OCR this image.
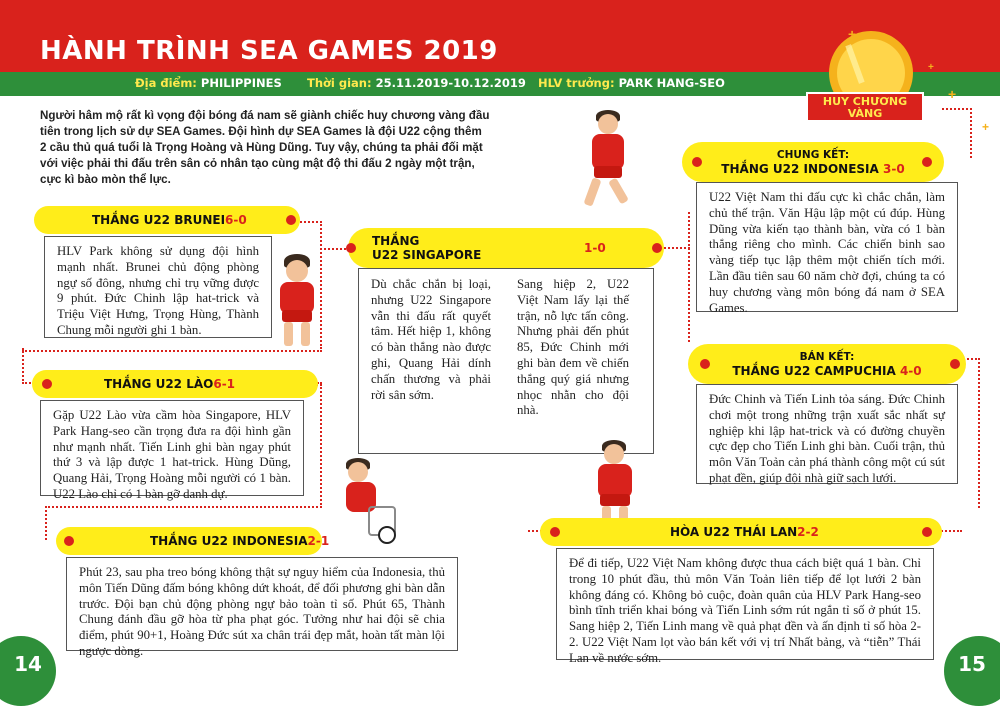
HÀNH TRÌNH SEA GAMES 2019
Địa điểm: PHILIPPINES Thời gian: 25.11.2019-10.12.2019 HLV trưởng: PARK HANG-SEO
+
+
+
+
HUY CHƯƠNG
VÀNG
Người hâm mộ rất kì vọng đội bóng đá nam sẽ giành chiếc huy chương vàng đầu tiên trong lịch sử dự SEA Games. Đội hình dự SEA Games là đội U22 cộng thêm 2 cầu thủ quá tuổi là Trọng Hoàng và Hùng Dũng. Tuy vậy, chúng ta phải đối mặt với việc phải thi đấu trên sân cỏ nhân tạo cùng mật độ thi đấu 2 ngày một trận, cực kì bào mòn thể lực.
THẮNG U22 BRUNEI 6-0
HLV Park không sử dụng đội hình mạnh nhất. Brunei chủ động phòng ngự số đông, nhưng chỉ trụ vững được 9 phút. Đức Chinh lập hat-trick và Triệu Việt Hưng, Trọng Hùng, Thành Chung mỗi người ghi 1 bàn.
THẮNG U22 LÀO 6-1
Gặp U22 Lào vừa cầm hòa Singapore, HLV Park Hang-seo cần trọng đưa ra đội hình gần như mạnh nhất. Tiến Linh ghi bàn ngay phút thứ 3 và lập được 1 hat-trick. Hùng Dũng, Quang Hải, Trọng Hoàng mỗi người có 1 bàn. U22 Lào chỉ có 1 bàn gỡ danh dự.
THẮNG U22 INDONESIA 2-1
Phút 23, sau pha treo bóng không thật sự nguy hiểm của Indonesia, thủ môn Tiến Dũng đấm bóng không dứt khoát, để đối phương ghi bàn dẫn trước. Đội bạn chủ động phòng ngự bảo toàn tỉ số. Phút 65, Thành Chung đánh đầu gỡ hòa từ pha phạt góc. Tưởng như hai đội sẽ chia điểm, phút 90+1, Hoàng Đức sút xa chân trái đẹp mắt, hoàn tất màn lội ngược dòng.
THẮNG
U22 SINGAPORE	1-0
Dù chắc chắn bị loại, nhưng U22 Singapore vẫn thi đấu rất quyết tâm. Hết hiệp 1, không có bàn thắng nào được ghi, Quang Hải dính chấn thương và phải rời sân sớm.
Sang hiệp 2, U22 Việt Nam lấy lại thế trận, nỗ lực tấn công. Nhưng phải đến phút 85, Đức Chinh mới ghi bàn đem về chiến thắng quý giá nhưng nhọc nhằn cho đội nhà.
CHUNG KẾT:
THẮNG U22 INDONESIA 3-0
U22 Việt Nam thi đấu cực kì chắc chắn, làm chủ thế trận. Văn Hậu lập một cú đúp. Hùng Dũng vừa kiến tạo thành bàn, vừa có 1 bàn thắng riêng cho mình. Các chiến binh sao vàng tiếp tục lập thêm một chiến tích mới. Lần đầu tiên sau 60 năm chờ đợi, chúng ta có huy chương vàng môn bóng đá nam ở SEA Games.
BÁN KẾT:
THẮNG U22 CAMPUCHIA 4-0
Đức Chinh và Tiến Linh tỏa sáng. Đức Chinh chơi một trong những trận xuất sắc nhất sự nghiệp khi lập hat-trick và có đường chuyền cực đẹp cho Tiến Linh ghi bàn. Cuối trận, thủ môn Văn Toản cản phá thành công một cú sút phạt đền, giúp đội nhà giữ sạch lưới.
HÒA U22 THÁI LAN 2-2
Để đi tiếp, U22 Việt Nam không được thua cách biệt quá 1 bàn. Chỉ trong 10 phút đầu, thủ môn Văn Toản liên tiếp để lọt lưới 2 bàn không đáng có. Không bỏ cuộc, đoàn quân của HLV Park Hang-seo bình tĩnh triển khai bóng và Tiến Linh sớm rút ngắn tỉ số ở phút 15. Sang hiệp 2, Tiến Linh mang về quả phạt đền và ấn định tỉ số hòa 2-2. U22 Việt Nam lọt vào bán kết với vị trí Nhất bảng, và “tiễn” Thái Lan về nước sớm.
14	15
